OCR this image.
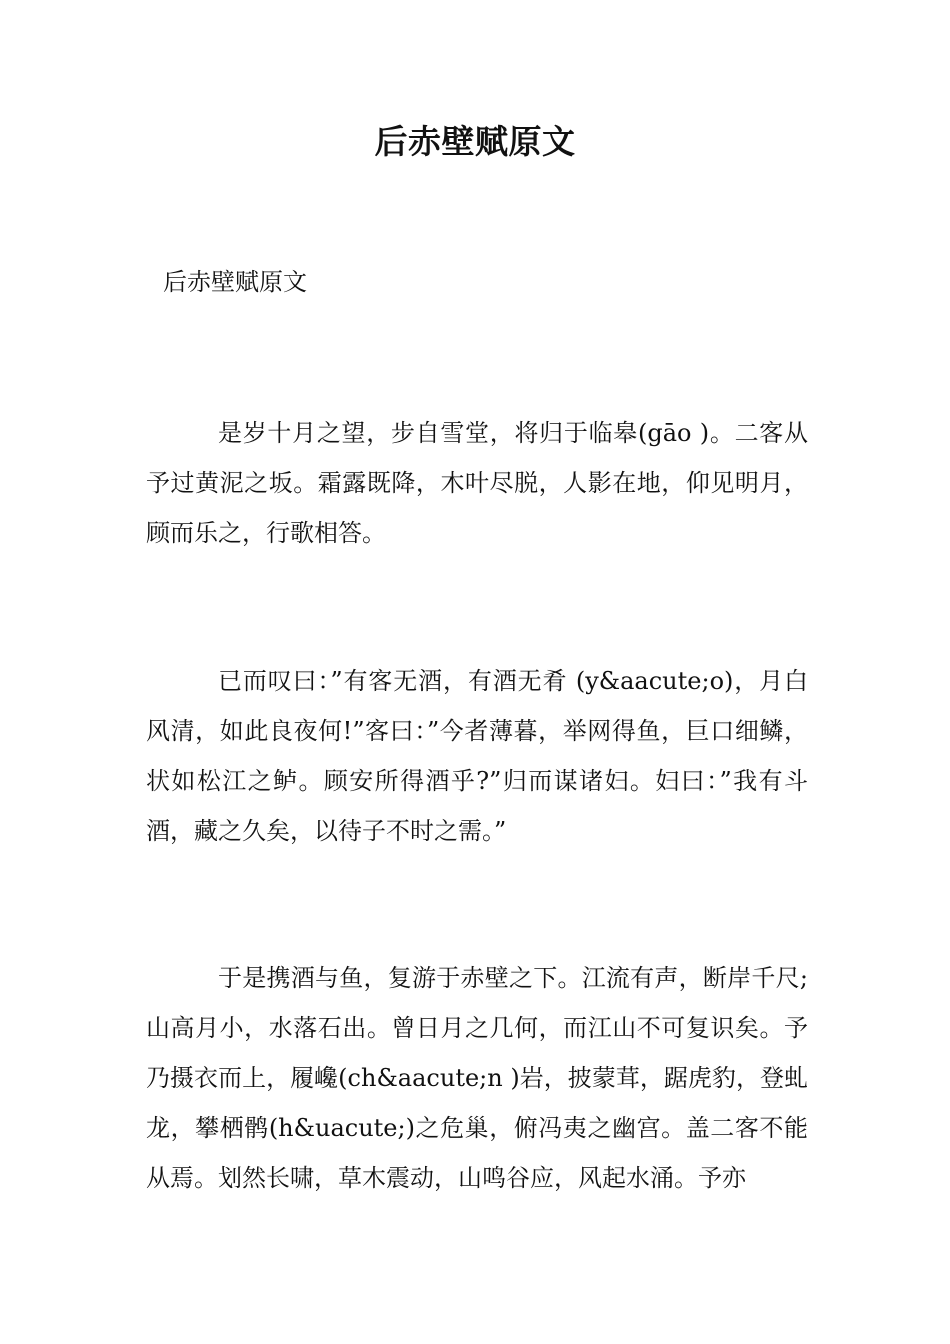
后赤壁赋原文
后赤壁赋原文

是岁十月之望，步自雪堂，将归于临皋(gāo )。二客从予过黄泥之坂。霜露既降，木叶尽脱，人影在地，仰见明月，顾而乐之，行歌相答。

已而叹曰：”有客无酒，有酒无肴 (y&aacute;o)，月白风清，如此良夜何!”客曰：”今者薄暮，举网得鱼，巨口细鳞，状如松江之鲈。顾安所得酒乎?”归而谋诸妇。妇曰：”我有斗酒，藏之久矣，以待子不时之需。”

于是携酒与鱼，复游于赤壁之下。江流有声，断岸千尺;山高月小，水落石出。曾日月之几何，而江山不可复识矣。予乃摄衣而上，履巉(ch&aacute;n )岩，披蒙茸，踞虎豹，登虬龙，攀栖鹘(h&uacute;)之危巢，俯冯夷之幽宫。盖二客不能从焉。划然长啸，草木震动，山鸣谷应，风起水涌。予亦
